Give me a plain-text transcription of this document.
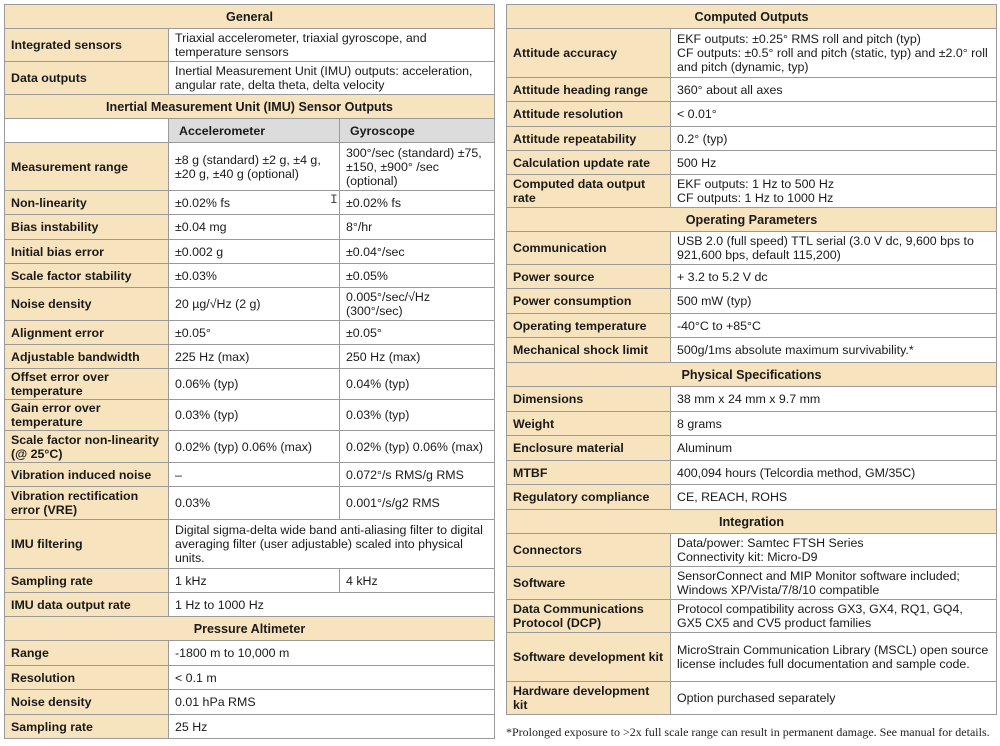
General		
Integrated sensors	Triaxial accelerometer, triaxial gyroscope, and temperature sensors	
Data outputs	Inertial Measurement Unit (IMU) outputs: acceleration, angular rate, delta theta, delta velocity	
Inertial Measurement Unit (IMU) Sensor Outputs		
	Accelerometer	Gyroscope
Measurement range	±8 g (standard) ±2 g, ±4 g, ±20 g, ±40 g (optional)	300°/sec (standard) ±75, ±150, ±900° /sec (optional)
Non-linearity	±0.02% fs	±0.02% fs
Bias instability	±0.04 mg	8°/hr
Initial bias error	±0.002 g	±0.04°/sec
Scale factor stability	±0.03%	±0.05%
Noise density	20 µg/√Hz (2 g)	0.005°/sec/√Hz (300°/sec)
Alignment error	±0.05°	±0.05°
Adjustable bandwidth	225 Hz (max)	250 Hz (max)
Offset error over temperature	0.06% (typ)	0.04% (typ)
Gain error over temperature	0.03% (typ)	0.03% (typ)
Scale factor non-linearity (@ 25°C)	0.02% (typ) 0.06% (max)	0.02% (typ) 0.06% (max)
Vibration induced noise	–	0.072°/s RMS/g RMS
Vibration rectification error (VRE)	0.03%	0.001°/s/g2 RMS
IMU filtering	Digital sigma-delta wide band anti-aliasing filter to digital averaging filter (user adjustable) scaled into physical units.	
Sampling rate	1 kHz	4 kHz
IMU data output rate	1 Hz to 1000 Hz	
Pressure Altimeter		
Range	-1800 m to 10,000 m	
Resolution	< 0.1 m	
Noise density	0.01 hPa RMS	
Sampling rate	25 Hz	
I
Computed Outputs	
Attitude accuracy	EKF outputs: ±0.25° RMS roll and pitch (typ)
CF outputs: ±0.5° roll and pitch (static, typ) and ±2.0° roll and pitch (dynamic, typ)

Attitude heading range	360° about all axes
Attitude resolution	< 0.01°
Attitude repeatability	0.2° (typ)
Calculation update rate	500 Hz
Computed data output rate	EKF outputs: 1 Hz to 500 Hz
CF outputs: 1 Hz to 1000 Hz

Operating Parameters	
Communication	USB 2.0 (full speed) TTL serial (3.0 V dc, 9,600 bps to 921,600 bps, default 115,200)
Power source	+ 3.2 to 5.2 V dc
Power consumption	500 mW (typ)
Operating temperature	-40°C to +85°C
Mechanical shock limit	500g/1ms absolute maximum survivability.*
Physical Specifications	
Dimensions	38 mm x 24 mm x 9.7 mm
Weight	8 grams
Enclosure material	Aluminum
MTBF	400,094 hours (Telcordia method, GM/35C)
Regulatory compliance	CE, REACH, ROHS
Integration	
Connectors	Data/power: Samtec FTSH Series
Connectivity kit: Micro-D9

Software	SensorConnect and MIP Monitor software included; Windows XP/Vista/7/8/10 compatible
Data Communications Protocol (DCP)	Protocol compatibility across GX3, GX4, RQ1, GQ4, GX5 CX5 and CV5 product families
Software development kit	MicroStrain Communication Library (MSCL) open source license includes full documentation and sample code.
Hardware development kit	Option purchased separately
*Prolonged exposure to >2x full scale range can result in permanent damage. See manual for details.
